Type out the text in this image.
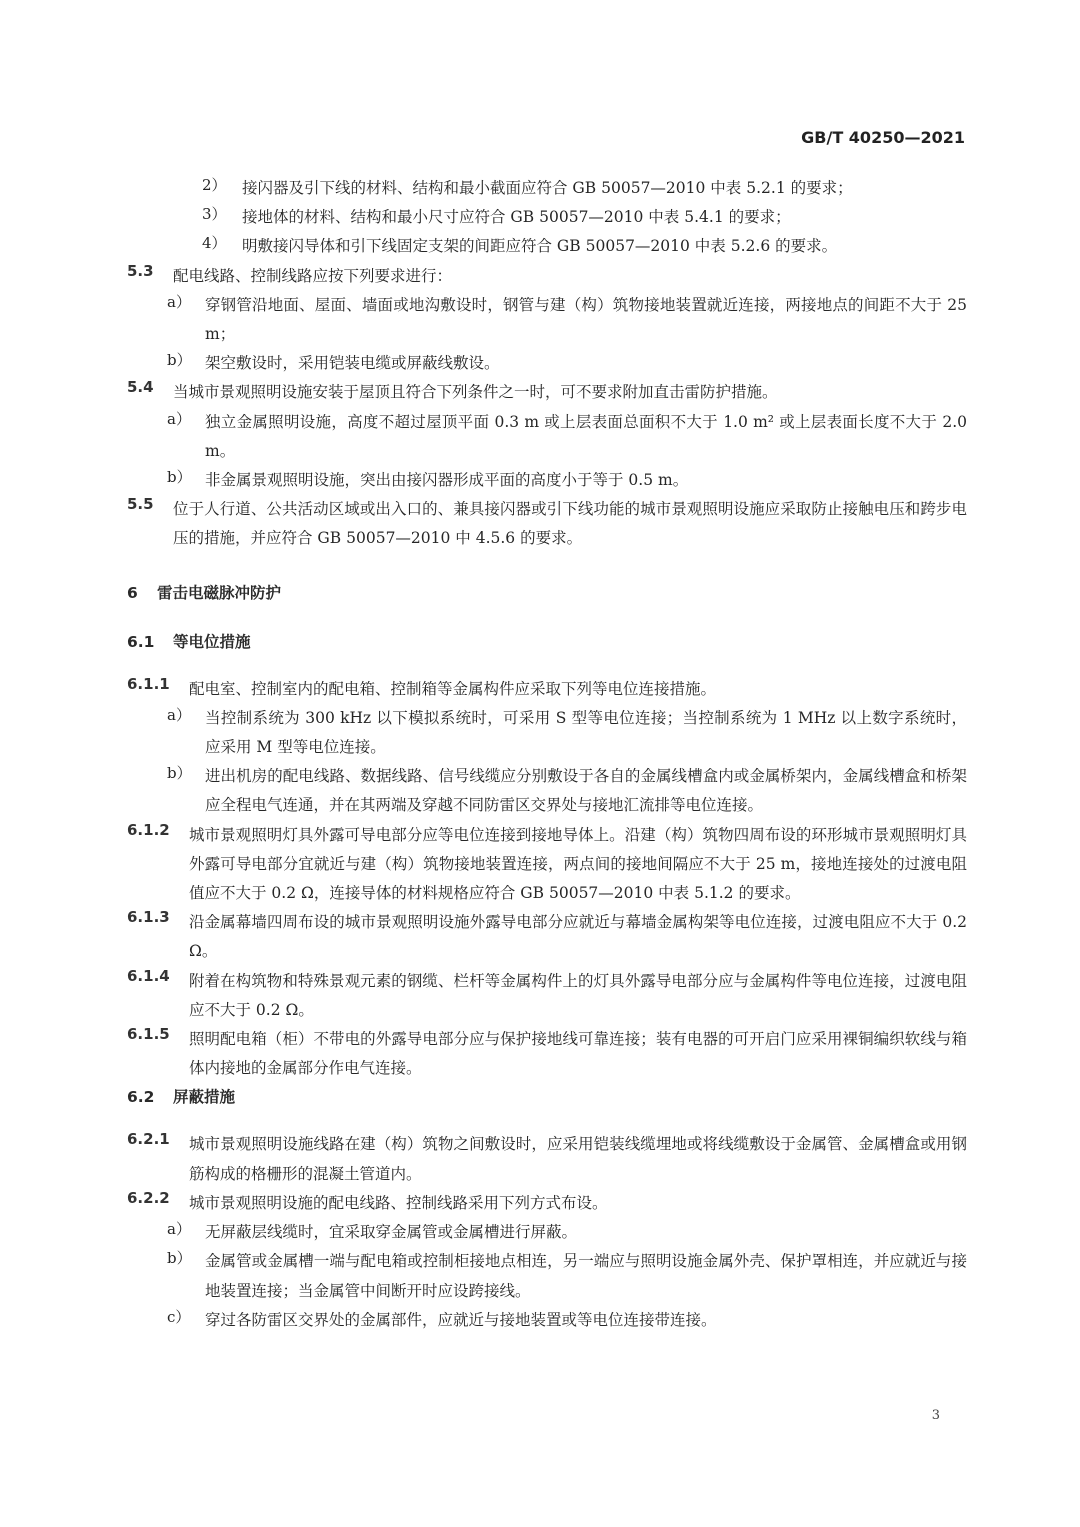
GB/T 40250—2021
2） 接闪器及引下线的材料、结构和最小截面应符合 GB 50057—2010 中表 5.2.1 的要求；
3） 接地体的材料、结构和最小尺寸应符合 GB 50057—2010 中表 5.4.1 的要求；
4） 明敷接闪导体和引下线固定支架的间距应符合 GB 50057—2010 中表 5.2.6 的要求。
5.3	配电线路、控制线路应按下列要求进行：
a） 穿钢管沿地面、屋面、墙面或地沟敷设时，钢管与建（构）筑物接地装置就近连接，两接地点的间距不大于 25 m；
b） 架空敷设时，采用铠装电缆或屏蔽线敷设。
5.4	当城市景观照明设施安装于屋顶且符合下列条件之一时，可不要求附加直击雷防护措施。
a） 独立金属照明设施，高度不超过屋顶平面 0.3 m 或上层表面总面积不大于 1.0 m² 或上层表面长度不大于 2.0 m。
b） 非金属景观照明设施，突出由接闪器形成平面的高度小于等于 0.5 m。
5.5	位于人行道、公共活动区域或出入口的、兼具接闪器或引下线功能的城市景观照明设施应采取防止接触电压和跨步电压的措施，并应符合 GB 50057—2010 中 4.5.6 的要求。
6 雷击电磁脉冲防护
6.1 等电位措施
6.1.1	配电室、控制室内的配电箱、控制箱等金属构件应采取下列等电位连接措施。
a） 当控制系统为 300 kHz 以下模拟系统时，可采用 S 型等电位连接；当控制系统为 1 MHz 以上数字系统时，应采用 M 型等电位连接。
b） 进出机房的配电线路、数据线路、信号线缆应分别敷设于各自的金属线槽盒内或金属桥架内，金属线槽盒和桥架应全程电气连通，并在其两端及穿越不同防雷区交界处与接地汇流排等电位连接。
6.1.2	城市景观照明灯具外露可导电部分应等电位连接到接地导体上。沿建（构）筑物四周布设的环形城市景观照明灯具外露可导电部分宜就近与建（构）筑物接地装置连接，两点间的接地间隔应不大于 25 m，接地连接处的过渡电阻值应不大于 0.2 Ω，连接导体的材料规格应符合 GB 50057—2010 中表 5.1.2 的要求。
6.1.3	沿金属幕墙四周布设的城市景观照明设施外露导电部分应就近与幕墙金属构架等电位连接，过渡电阻应不大于 0.2 Ω。
6.1.4	附着在构筑物和特殊景观元素的钢缆、栏杆等金属构件上的灯具外露导电部分应与金属构件等电位连接，过渡电阻应不大于 0.2 Ω。
6.1.5	照明配电箱（柜）不带电的外露导电部分应与保护接地线可靠连接；装有电器的可开启门应采用裸铜编织软线与箱体内接地的金属部分作电气连接。
6.2 屏蔽措施
6.2.1	城市景观照明设施线路在建（构）筑物之间敷设时，应采用铠装线缆埋地或将线缆敷设于金属管、金属槽盒或用钢筋构成的格栅形的混凝土管道内。
6.2.2	城市景观照明设施的配电线路、控制线路采用下列方式布设。
a） 无屏蔽层线缆时，宜采取穿金属管或金属槽进行屏蔽。
b） 金属管或金属槽一端与配电箱或控制柜接地点相连，另一端应与照明设施金属外壳、保护罩相连，并应就近与接地装置连接；当金属管中间断开时应设跨接线。
c） 穿过各防雷区交界处的金属部件，应就近与接地装置或等电位连接带连接。
3
